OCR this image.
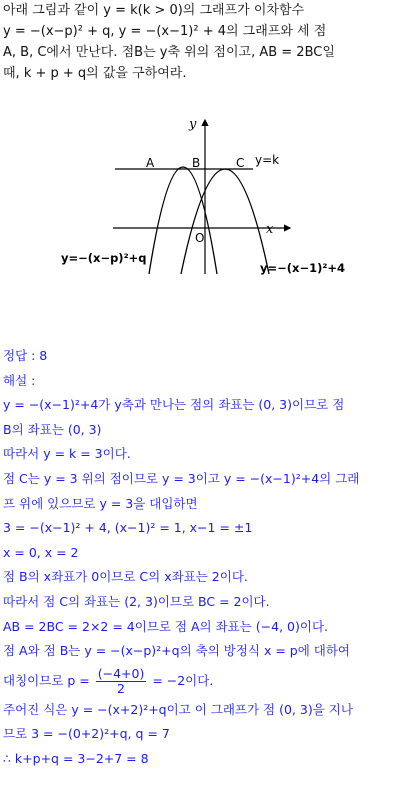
아래 그림과 같이 y = k(k > 0)의 그래프가 이차함수
y = −(x−p)² + q, y = −(x−1)² + 4의 그래프와 세 점
A, B, C에서 만난다. 점B는 y축 위의 점이고, AB = 2BC일
때, k + p + q의 값을 구하여라.
y
x
O
A	B	C y=k
y=−(x−p)²+q
y=−(x−1)²+4
정답 : 8
해설 :
y = −(x−1)²+4가 y축과 만나는 점의 좌표는 (0, 3)이므로 점
B의 좌표는 (0, 3)
따라서 y = k = 3이다.
점 C는 y = 3 위의 점이므로 y = 3이고 y = −(x−1)²+4의 그래
프 위에 있으므로 y = 3을 대입하면
3 = −(x−1)² + 4, (x−1)² = 1, x−1 = ±1
x = 0, x = 2
점 B의 x좌표가 0이므로 C의 x좌표는 2이다.
따라서 점 C의 좌표는 (2, 3)이므로 BC = 2이다.
AB = 2BC = 2×2 = 4이므로 점 A의 좌표는 (−4, 0)이다.
점 A와 점 B는 y = −(x−p)²+q의 축의 방정식 x = p에 대하여
대칭이므로 $p = \frac{(-4+0)}{2} = -2$이다.
주어진 식은 y = −(x+2)²+q이고 이 그래프가 점 (0, 3)을 지나
므로 3 = −(0+2)²+q, q = 7
∴ k+p+q = 3−2+7 = 8
